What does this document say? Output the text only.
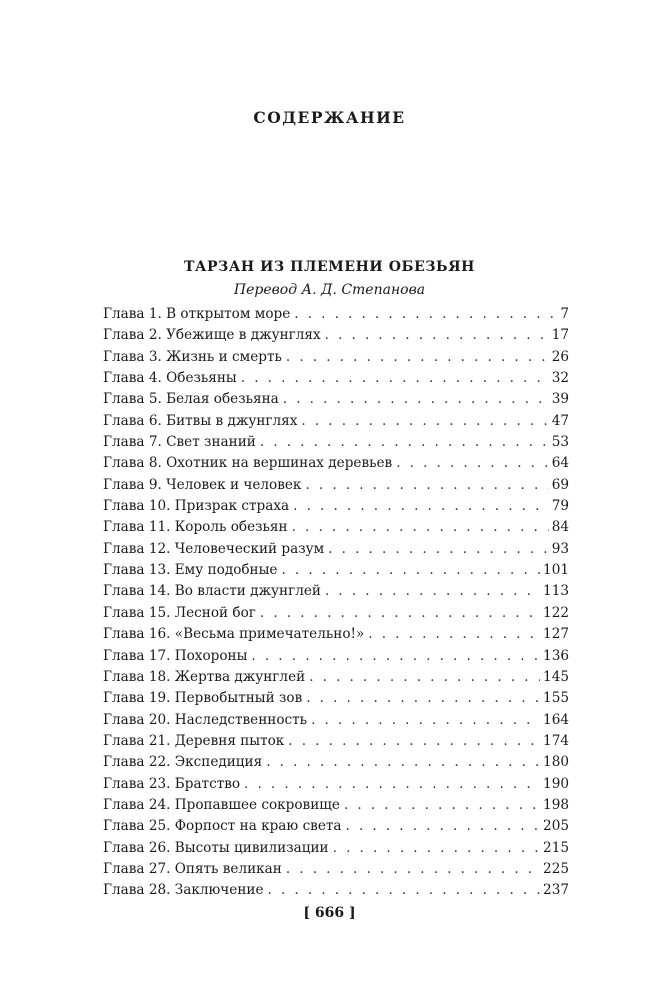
СОДЕРЖАНИЕ
ТАРЗАН ИЗ ПЛЕМЕНИ ОБЕЗЬЯН

Перевод А. Д. Степанова

Глава 1. В открытом море . . .	7
Глава 2. Убежище в джунглях . . .	17
Глава 3. Жизнь и смерть . . .	26
Глава 4. Обезьяны . . .	32
Глава 5. Белая обезьяна . . .	39
Глава 6. Битвы в джунглях . . .	47
Глава 7. Свет знаний . . .	53
Глава 8. Охотник на вершинах деревьев . . .	64
Глава 9. Человек и человек . . .	69
Глава 10. Призрак страха . . .	79
Глава 11. Король обезьян . . .	84
Глава 12. Человеческий разум . . .	93
Глава 13. Ему подобные . . .	101
Глава 14. Во власти джунглей . . .	113
Глава 15. Лесной бог . . .	122
Глава 16. «Весьма примечательно!» . . .	127
Глава 17. Похороны . . .	136
Глава 18. Жертва джунглей . . .	145
Глава 19. Первобытный зов . . .	155
Глава 20. Наследственность . . .	164
Глава 21. Деревня пыток . . .	174
Глава 22. Экспедиция . . .	180
Глава 23. Братство . . .	190
Глава 24. Пропавшее сокровище . . .	198
Глава 25. Форпост на краю света . . .	205
Глава 26. Высоты цивилизации . . .	215
Глава 27. Опять великан . . .	225
Глава 28. Заключение . . .	237

[ 666 ]
